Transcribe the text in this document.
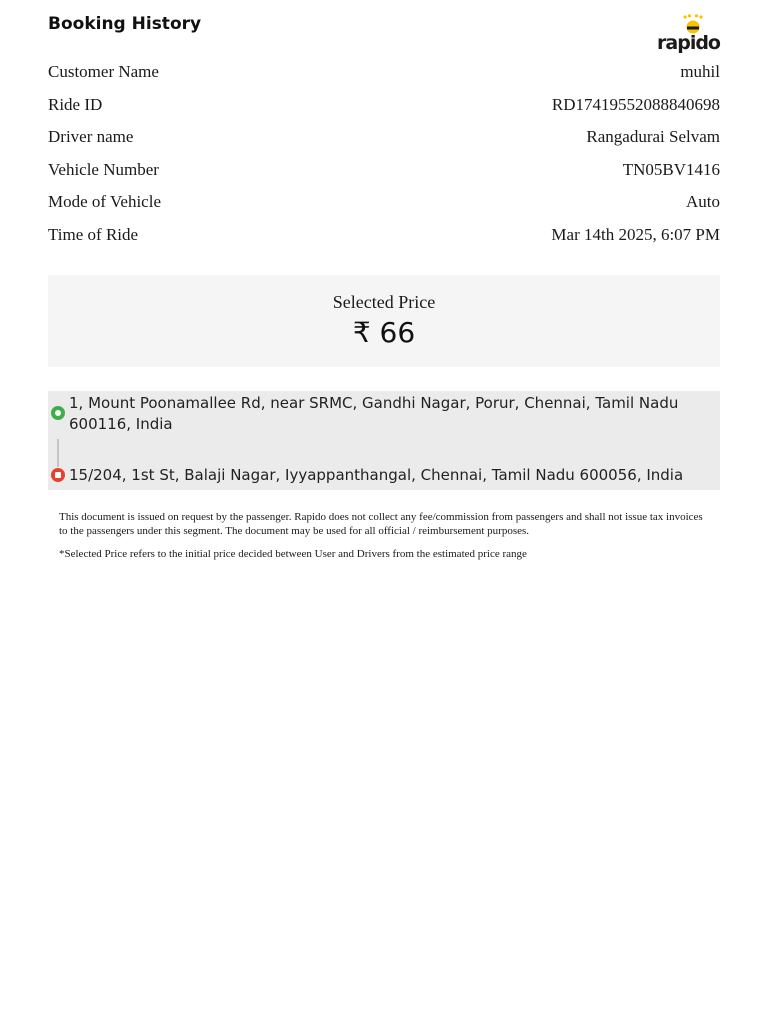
Booking History
rapido
Customer Name	muhil
Ride ID	RD17419552088840698
Driver name	Rangadurai Selvam
Vehicle Number	TN05BV1416
Mode of Vehicle	Auto
Time of Ride	Mar 14th 2025, 6:07 PM
Selected Price
₹ 66
1, Mount Poonamallee Rd, near SRMC, Gandhi Nagar, Porur, Chennai, Tamil Nadu 600116, India
15/204, 1st St, Balaji Nagar, Iyyappanthangal, Chennai, Tamil Nadu 600056, India
This document is issued on request by the passenger. Rapido does not collect any fee/commission from passengers and shall not issue tax invoices to the passengers under this segment. The document may be used for all official / reimbursement purposes.
*Selected Price refers to the initial price decided between User and Drivers from the estimated price range
